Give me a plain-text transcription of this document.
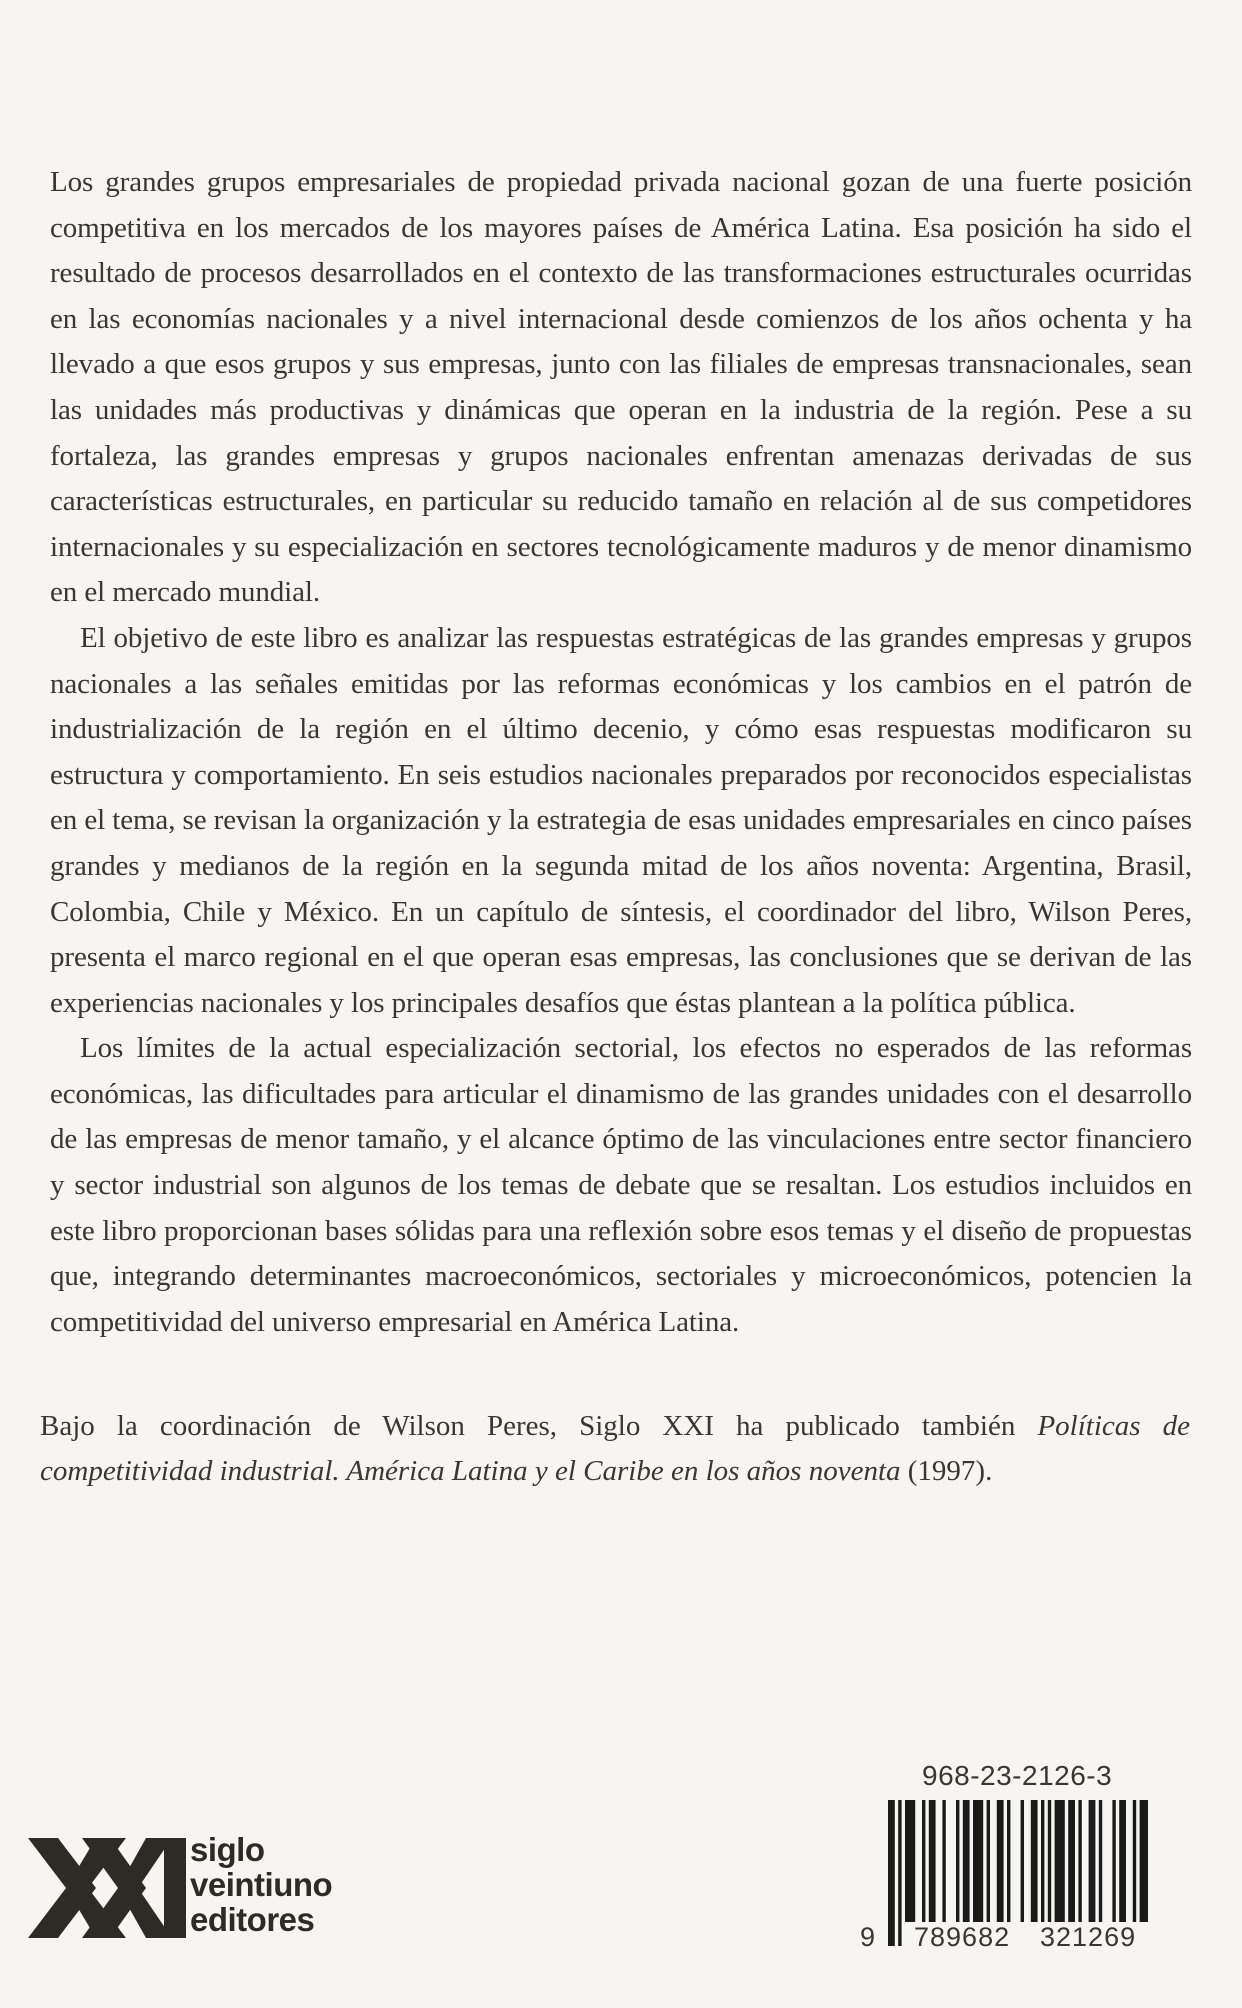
Los grandes grupos empresariales de propiedad privada nacional gozan de una fuerte posición competitiva en los mercados de los mayores países de América Latina. Esa posición ha sido el resultado de procesos desarrollados en el contexto de las transformaciones estructurales ocurridas en las economías nacionales y a nivel internacional desde comienzos de los años ochenta y ha llevado a que esos grupos y sus empresas, junto con las filiales de empresas transnacionales, sean las unidades más productivas y dinámicas que operan en la industria de la región. Pese a su fortaleza, las grandes empresas y grupos nacionales enfrentan amenazas derivadas de sus características estructurales, en particular su reducido tamaño en relación al de sus competidores internacionales y su especialización en sectores tecnológicamente maduros y de menor dinamismo en el mercado mundial.

El objetivo de este libro es analizar las respuestas estratégicas de las grandes empresas y grupos nacionales a las señales emitidas por las reformas económicas y los cambios en el patrón de industrialización de la región en el último decenio, y cómo esas respuestas modificaron su estructura y comportamiento. En seis estudios nacionales preparados por reconocidos especialistas en el tema, se revisan la organización y la estrategia de esas unidades empresariales en cinco países grandes y medianos de la región en la segunda mitad de los años noventa: Argentina, Brasil, Colombia, Chile y México. En un capítulo de síntesis, el coordinador del libro, Wilson Peres, presenta el marco regional en el que operan esas empresas, las conclusiones que se derivan de las experiencias nacionales y los principales desafíos que éstas plantean a la política pública.

Los límites de la actual especialización sectorial, los efectos no esperados de las reformas económicas, las dificultades para articular el dinamismo de las grandes unidades con el desarrollo de las empresas de menor tamaño, y el alcance óptimo de las vinculaciones entre sector financiero y sector industrial son algunos de los temas de debate que se resaltan. Los estudios incluidos en este libro proporcionan bases sólidas para una reflexión sobre esos temas y el diseño de propuestas que, integrando determinantes macroeconómicos, sectoriales y microeconómicos, potencien la competitividad del universo empresarial en América Latina.

Bajo la coordinación de Wilson Peres, Siglo XXI ha publicado también Políticas de competitividad industrial. América Latina y el Caribe en los años noventa (1997).

siglo
veintiuno
editores
968-23-2126-3
9 789682 321269
